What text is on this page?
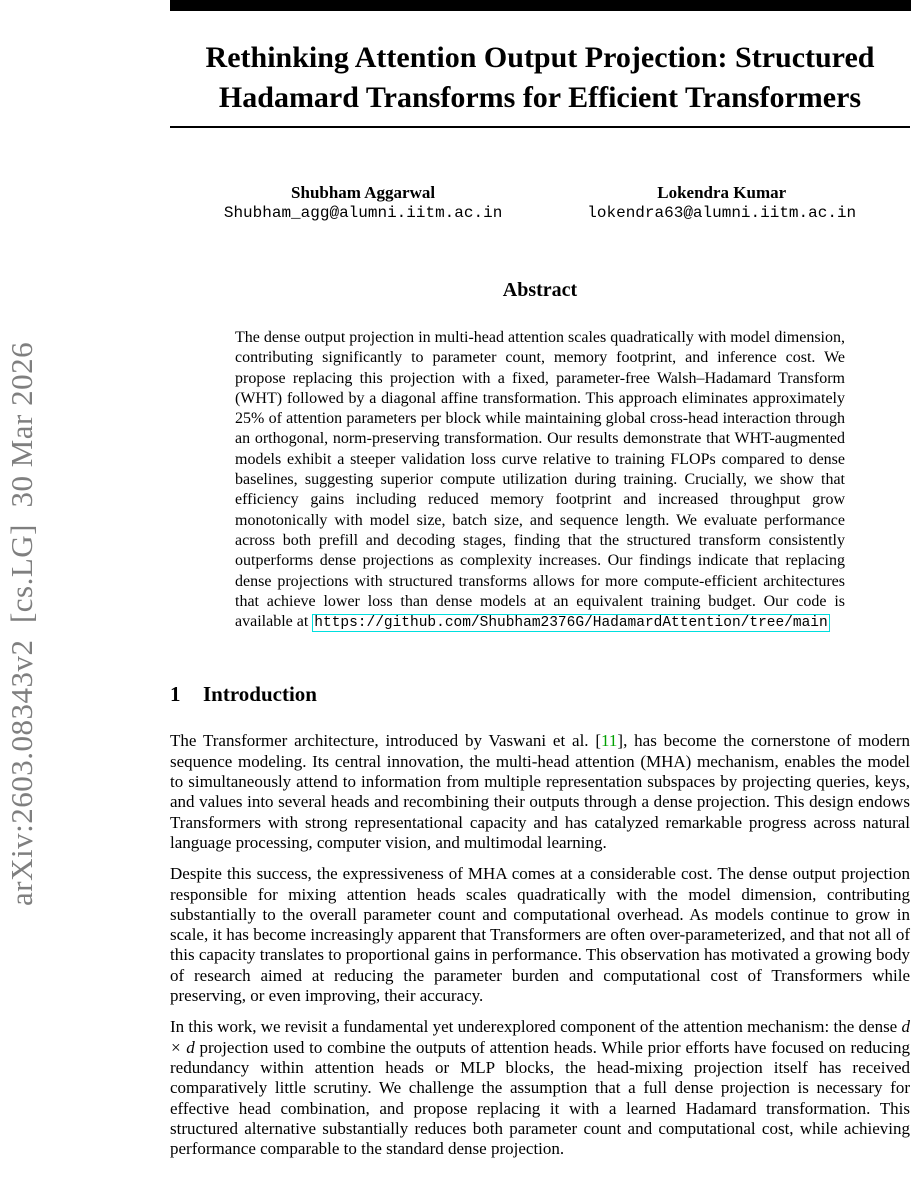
arXiv:2603.08343v2  [cs.LG]  30 Mar 2026
Rethinking Attention Output Projection: Structured
Hadamard Transforms for Efficient Transformers
Shubham Aggarwal
Shubham_agg@alumni.iitm.ac.in
Lokendra Kumar
lokendra63@alumni.iitm.ac.in
Abstract

The dense output projection in multi-head attention scales quadratically with model dimension, contributing significantly to parameter count, memory footprint, and inference cost. We propose replacing this projection with a fixed, parameter-free Walsh–Hadamard Transform (WHT) followed by a diagonal affine transformation. This approach eliminates approximately 25% of attention parameters per block while maintaining global cross-head interaction through an orthogonal, norm-preserving transformation. Our results demonstrate that WHT-augmented models exhibit a steeper validation loss curve relative to training FLOPs compared to dense baselines, suggesting superior compute utilization during training. Crucially, we show that efficiency gains including reduced memory footprint and increased throughput grow monotonically with model size, batch size, and sequence length. We evaluate performance across both prefill and decoding stages, finding that the structured transform consistently outperforms dense projections as complexity increases. Our findings indicate that replacing dense projections with structured transforms allows for more compute-efficient architectures that achieve lower loss than dense models at an equivalent training budget. Our code is available at https://github.com/Shubham2376G/HadamardAttention/tree/main

1 Introduction

The Transformer architecture, introduced by Vaswani et al. [11], has become the cornerstone of modern sequence modeling. Its central innovation, the multi-head attention (MHA) mechanism, enables the model to simultaneously attend to information from multiple representation subspaces by projecting queries, keys, and values into several heads and recombining their outputs through a dense projection. This design endows Transformers with strong representational capacity and has catalyzed remarkable progress across natural language processing, computer vision, and multimodal learning.

Despite this success, the expressiveness of MHA comes at a considerable cost. The dense output projection responsible for mixing attention heads scales quadratically with the model dimension, contributing substantially to the overall parameter count and computational overhead. As models continue to grow in scale, it has become increasingly apparent that Transformers are often over-parameterized, and that not all of this capacity translates to proportional gains in performance. This observation has motivated a growing body of research aimed at reducing the parameter burden and computational cost of Transformers while preserving, or even improving, their accuracy.

In this work, we revisit a fundamental yet underexplored component of the attention mechanism: the dense d × d projection used to combine the outputs of attention heads. While prior efforts have focused on reducing redundancy within attention heads or MLP blocks, the head-mixing projection itself has received comparatively little scrutiny. We challenge the assumption that a full dense projection is necessary for effective head combination, and propose replacing it with a learned Hadamard transformation. This structured alternative substantially reduces both parameter count and computational cost, while achieving performance comparable to the standard dense projection.
